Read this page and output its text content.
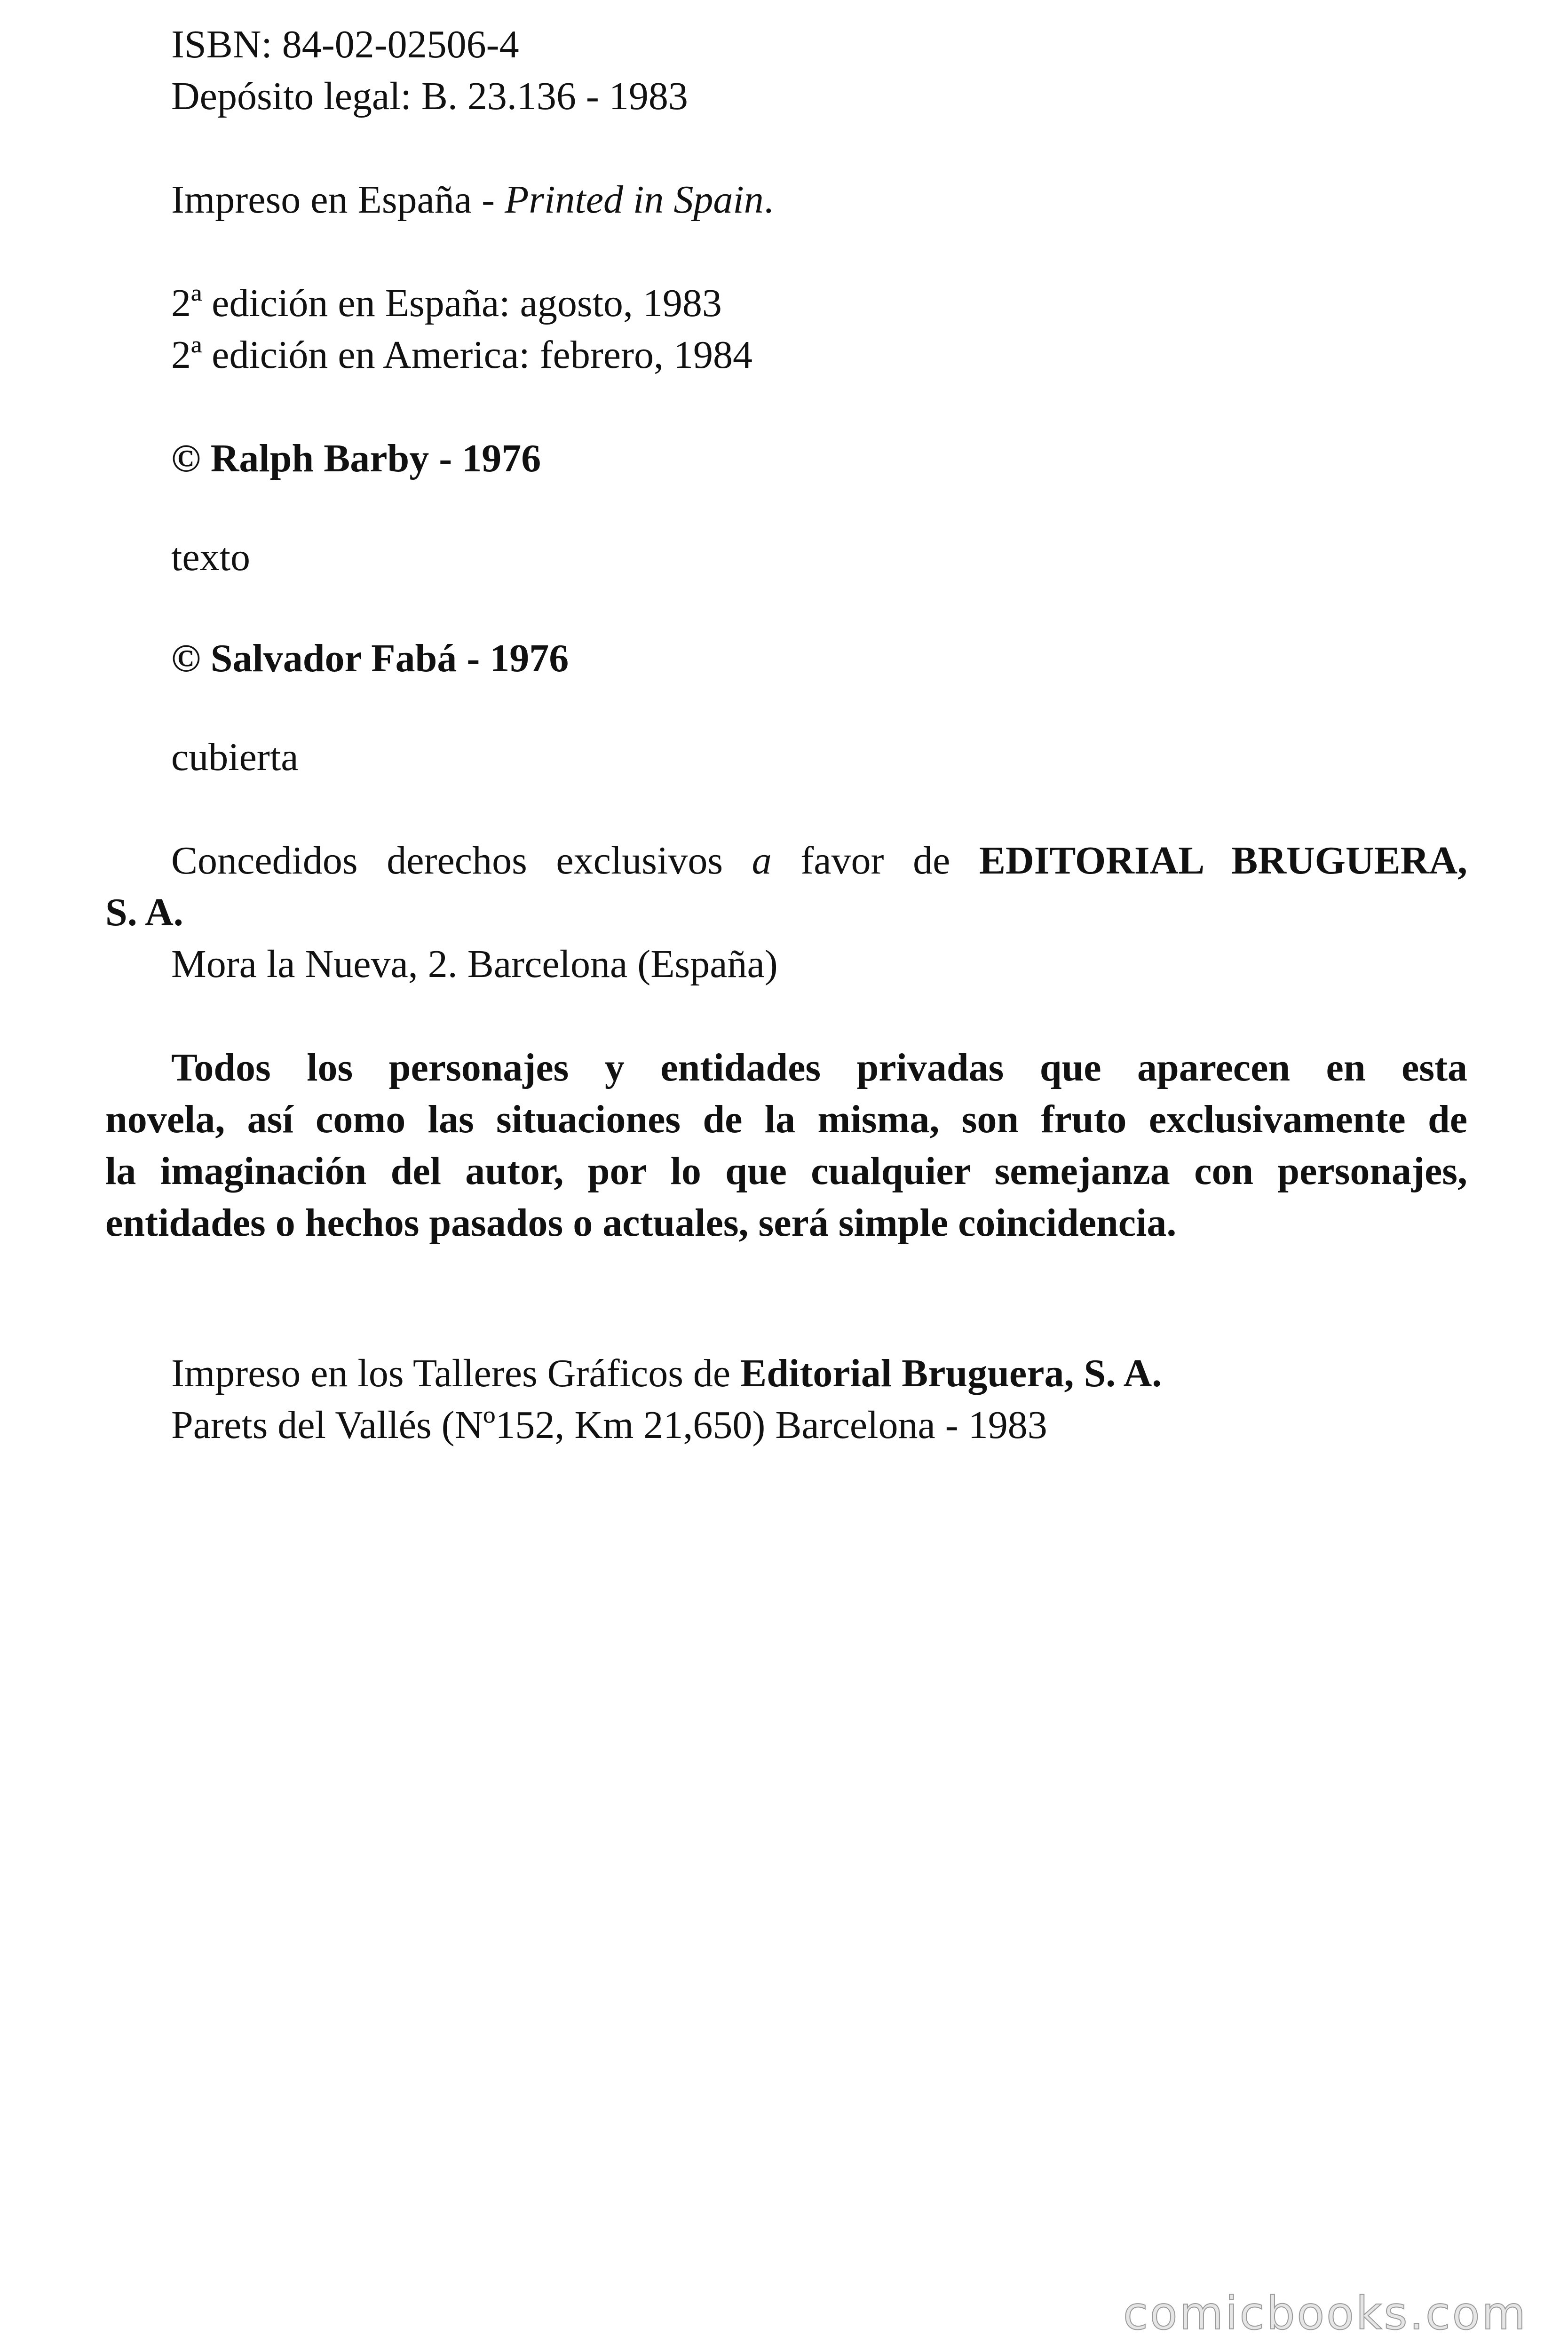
ISBN: 84-02-02506-4
Depósito legal: B. 23.136 - 1983
Impreso en España - Printed in Spain.
2ª edición en España: agosto, 1983
2ª edición en America: febrero, 1984
© Ralph Barby - 1976
texto
© Salvador Fabá - 1976
cubierta
Concedidos derechos exclusivos a favor de EDITORIAL BRUGUERA,
S. A.
Mora la Nueva, 2. Barcelona (España)
Todos los personajes y entidades privadas que aparecen en esta
novela, así como las situaciones de la misma, son fruto exclusivamente de
la imaginación del autor, por lo que cualquier semejanza con personajes,
entidades o hechos pasados o actuales, será simple coincidencia.
Impreso en los Talleres Gráficos de Editorial Bruguera, S. A.
Parets del Vallés (Nº152, Km 21,650) Barcelona - 1983
comicbooks.com
